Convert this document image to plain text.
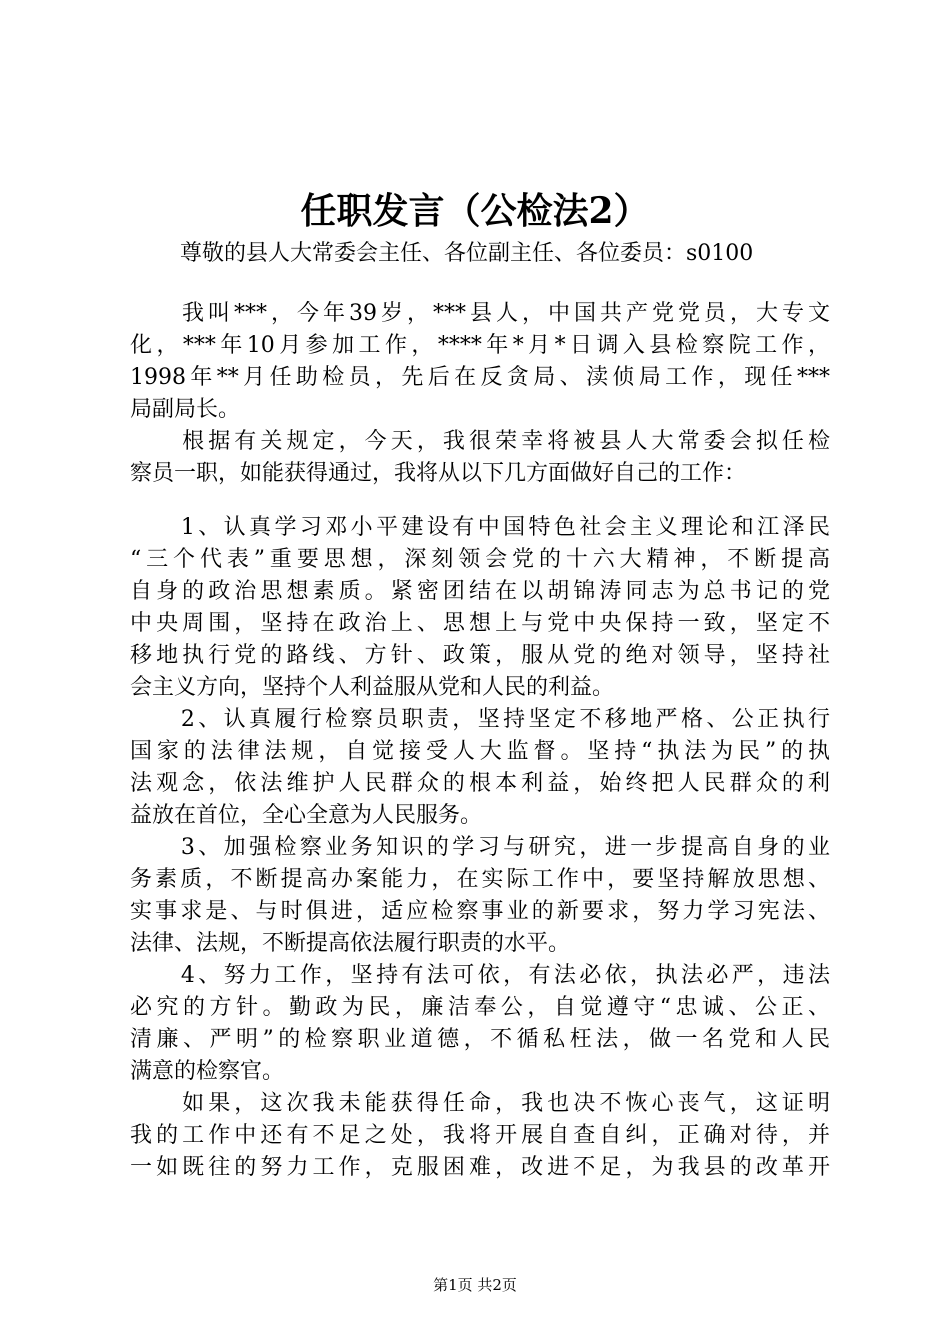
任职发言（公检法2）
尊敬的县人大常委会主任、各位副主任、各位委员：s0100
　　我叫***，今年39岁，***县人，中国共产党党员，大专文
化，***年10月参加工作，****年*月*日调入县检察院工作，
1998年**月任助检员，先后在反贪局、渎侦局工作，现任***
局副局长。
　　根据有关规定，今天，我很荣幸将被县人大常委会拟任检
察员一职，如能获得通过，我将从以下几方面做好自己的工作：
　　1、认真学习邓小平建设有中国特色社会主义理论和江泽民
“三个代表”重要思想，深刻领会党的十六大精神，不断提高
自身的政治思想素质。紧密团结在以胡锦涛同志为总书记的党
中央周围，坚持在政治上、思想上与党中央保持一致，坚定不
移地执行党的路线、方针、政策，服从党的绝对领导，坚持社
会主义方向，坚持个人利益服从党和人民的利益。
　　2、认真履行检察员职责，坚持坚定不移地严格、公正执行
国家的法律法规，自觉接受人大监督。坚持“执法为民”的执
法观念，依法维护人民群众的根本利益，始终把人民群众的利
益放在首位，全心全意为人民服务。
　　3、加强检察业务知识的学习与研究，进一步提高自身的业
务素质，不断提高办案能力，在实际工作中，要坚持解放思想、
实事求是、与时俱进，适应检察事业的新要求，努力学习宪法、
法律、法规，不断提高依法履行职责的水平。
　　4、努力工作，坚持有法可依，有法必依，执法必严，违法
必究的方针。勤政为民，廉洁奉公，自觉遵守“忠诚、公正、
清廉、严明”的检察职业道德，不循私枉法，做一名党和人民
满意的检察官。
　　如果，这次我未能获得任命，我也决不恢心丧气，这证明
我的工作中还有不足之处，我将开展自查自纠，正确对待，并
一如既往的努力工作，克服困难，改进不足，为我县的改革开
第1页 共2页
